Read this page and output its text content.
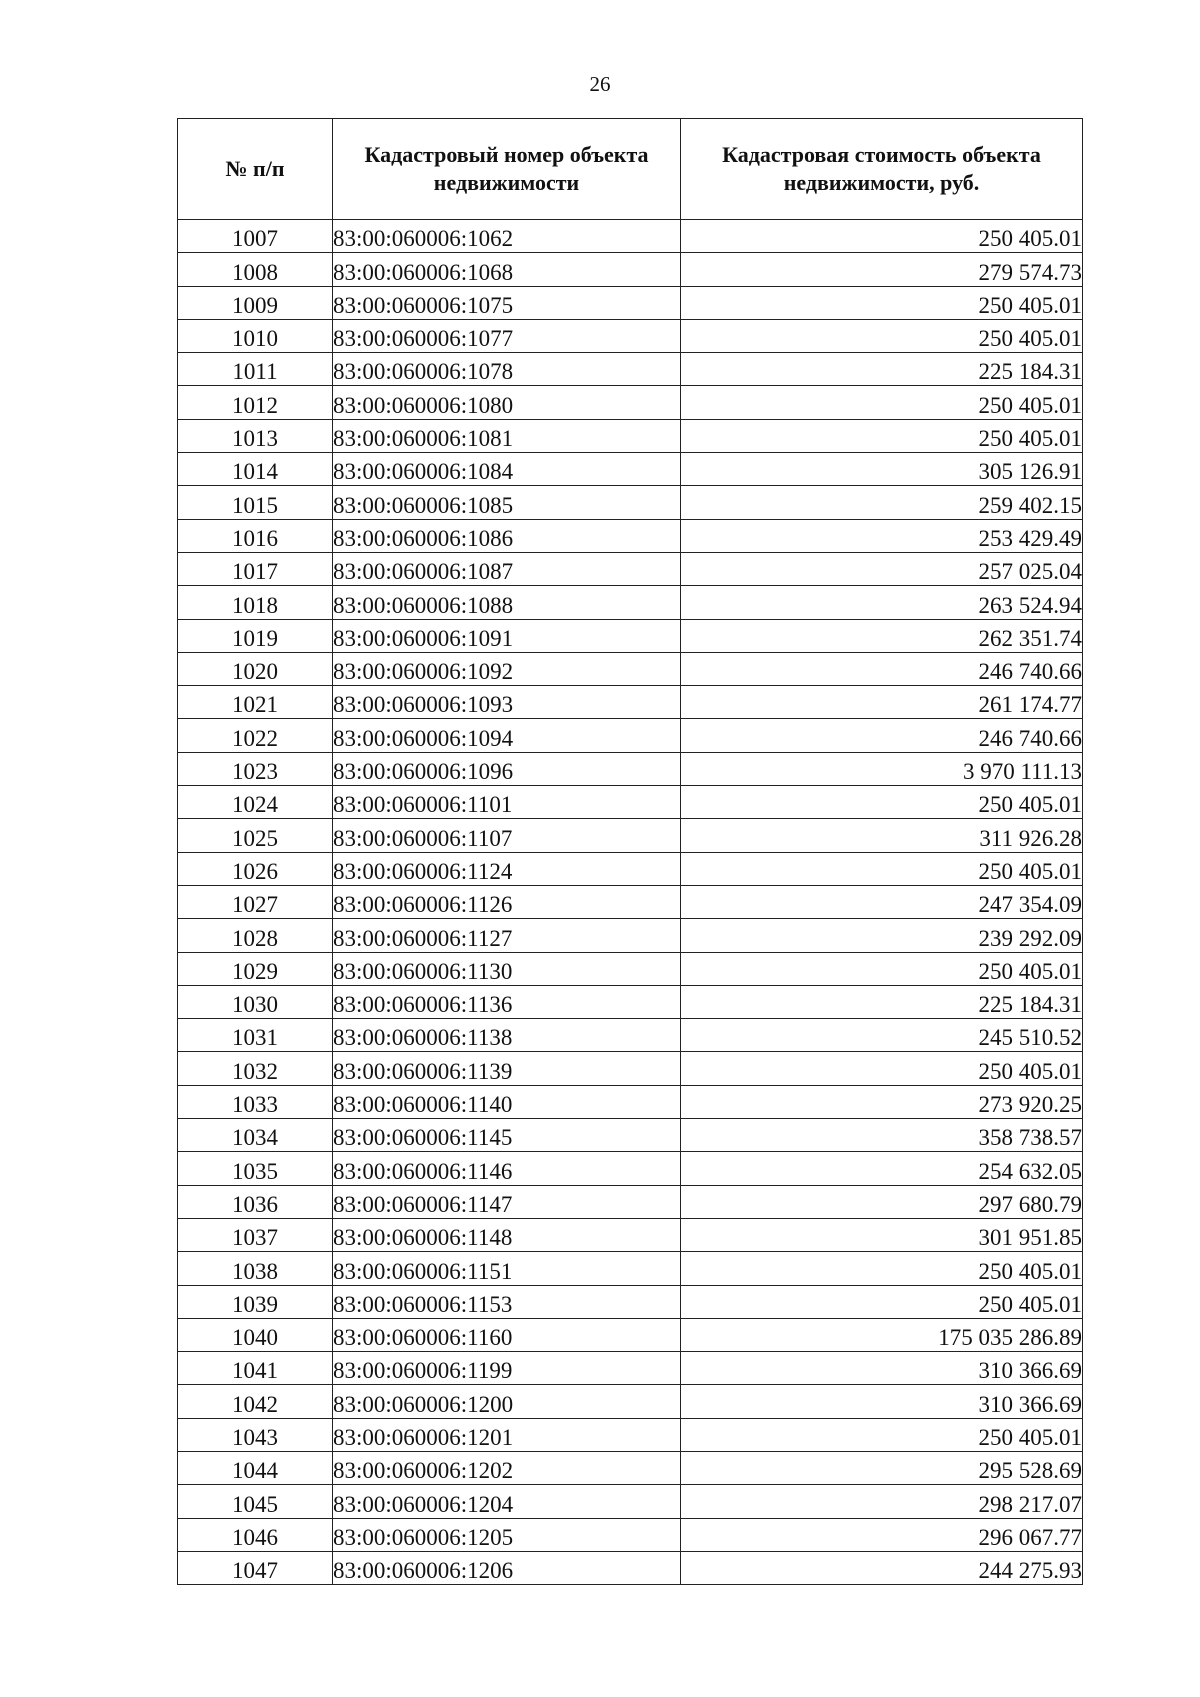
26
№ п/п	Кадастровый номер объекта недвижимости	Кадастровая стоимость объекта недвижимости, руб.
1007	83:00:060006:1062	250 405.01
1008	83:00:060006:1068	279 574.73
1009	83:00:060006:1075	250 405.01
1010	83:00:060006:1077	250 405.01
1011	83:00:060006:1078	225 184.31
1012	83:00:060006:1080	250 405.01
1013	83:00:060006:1081	250 405.01
1014	83:00:060006:1084	305 126.91
1015	83:00:060006:1085	259 402.15
1016	83:00:060006:1086	253 429.49
1017	83:00:060006:1087	257 025.04
1018	83:00:060006:1088	263 524.94
1019	83:00:060006:1091	262 351.74
1020	83:00:060006:1092	246 740.66
1021	83:00:060006:1093	261 174.77
1022	83:00:060006:1094	246 740.66
1023	83:00:060006:1096	3 970 111.13
1024	83:00:060006:1101	250 405.01
1025	83:00:060006:1107	311 926.28
1026	83:00:060006:1124	250 405.01
1027	83:00:060006:1126	247 354.09
1028	83:00:060006:1127	239 292.09
1029	83:00:060006:1130	250 405.01
1030	83:00:060006:1136	225 184.31
1031	83:00:060006:1138	245 510.52
1032	83:00:060006:1139	250 405.01
1033	83:00:060006:1140	273 920.25
1034	83:00:060006:1145	358 738.57
1035	83:00:060006:1146	254 632.05
1036	83:00:060006:1147	297 680.79
1037	83:00:060006:1148	301 951.85
1038	83:00:060006:1151	250 405.01
1039	83:00:060006:1153	250 405.01
1040	83:00:060006:1160	175 035 286.89
1041	83:00:060006:1199	310 366.69
1042	83:00:060006:1200	310 366.69
1043	83:00:060006:1201	250 405.01
1044	83:00:060006:1202	295 528.69
1045	83:00:060006:1204	298 217.07
1046	83:00:060006:1205	296 067.77
1047	83:00:060006:1206	244 275.93
